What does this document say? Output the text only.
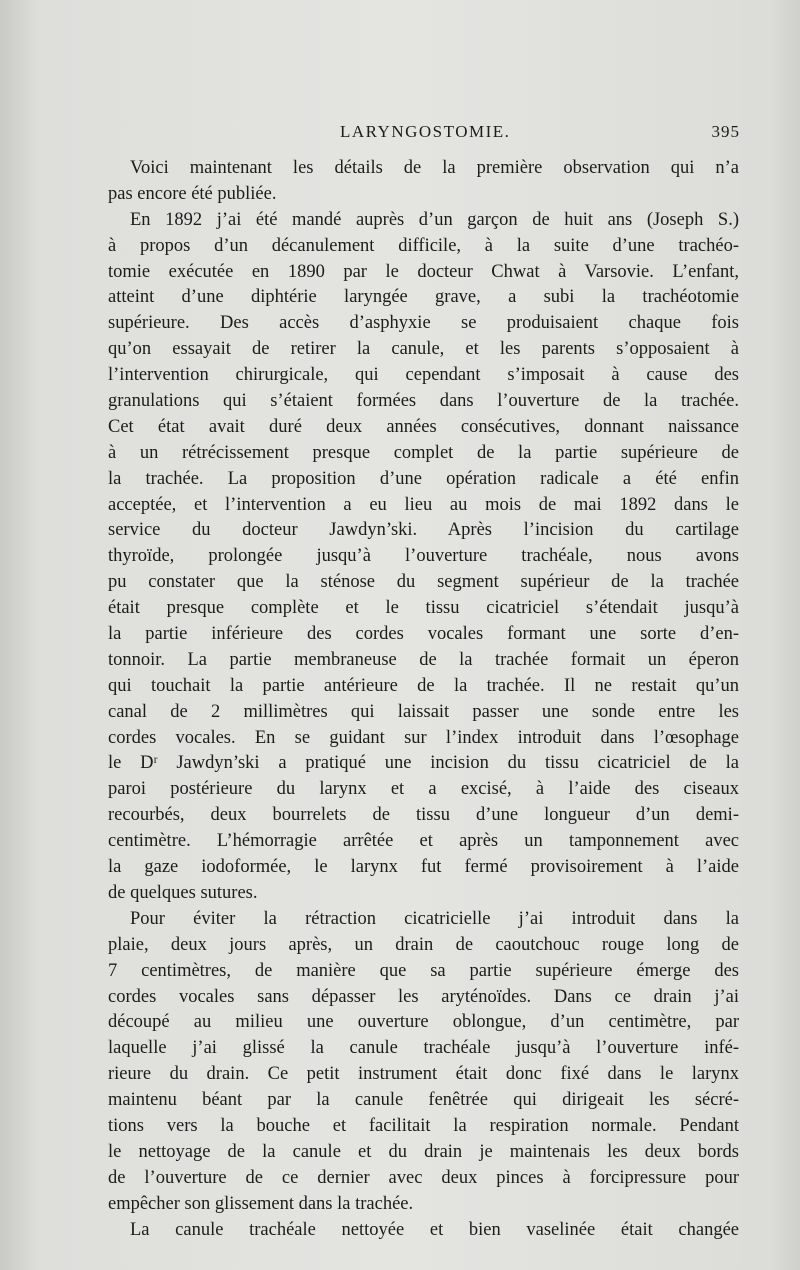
LARYNGOSTOMIE.	395
Voici maintenant les détails de la première observation qui n’a
pas encore été publiée.
En 1892 j’ai été mandé auprès d’un garçon de huit ans (Joseph S.)
à propos d’un décanulement difficile, à la suite d’une trachéo-
tomie exécutée en 1890 par le docteur Chwat à Varsovie. L’enfant,
atteint d’une diphtérie laryngée grave, a subi la trachéotomie
supérieure. Des accès d’asphyxie se produisaient chaque fois
qu’on essayait de retirer la canule, et les parents s’opposaient à
l’intervention chirurgicale, qui cependant s’imposait à cause des
granulations qui s’étaient formées dans l’ouverture de la trachée.
Cet état avait duré deux années consécutives, donnant naissance
à un rétrécissement presque complet de la partie supérieure de
la trachée. La proposition d’une opération radicale a été enfin
acceptée, et l’intervention a eu lieu au mois de mai 1892 dans le
service du docteur Jawdyn’ski. Après l’incision du cartilage
thyroïde, prolongée jusqu’à l’ouverture trachéale, nous avons
pu constater que la sténose du segment supérieur de la trachée
était presque complète et le tissu cicatriciel s’étendait jusqu’à
la partie inférieure des cordes vocales formant une sorte d’en-
tonnoir. La partie membraneuse de la trachée formait un éperon
qui touchait la partie antérieure de la trachée. Il ne restait qu’un
canal de 2 millimètres qui laissait passer une sonde entre les
cordes vocales. En se guidant sur l’index introduit dans l’œsophage
le Dʳ Jawdyn’ski a pratiqué une incision du tissu cicatriciel de la
paroi postérieure du larynx et a excisé, à l’aide des ciseaux
recourbés, deux bourrelets de tissu d’une longueur d’un demi-
centimètre. L’hémorragie arrêtée et après un tamponnement avec
la gaze iodoformée, le larynx fut fermé provisoirement à l’aide
de quelques sutures.
Pour éviter la rétraction cicatricielle j’ai introduit dans la
plaie, deux jours après, un drain de caoutchouc rouge long de
7 centimètres, de manière que sa partie supérieure émerge des
cordes vocales sans dépasser les aryténoïdes. Dans ce drain j’ai
découpé au milieu une ouverture oblongue, d’un centimètre, par
laquelle j’ai glissé la canule trachéale jusqu’à l’ouverture infé-
rieure du drain. Ce petit instrument était donc fixé dans le larynx
maintenu béant par la canule fenêtrée qui dirigeait les sécré-
tions vers la bouche et facilitait la respiration normale. Pendant
le nettoyage de la canule et du drain je maintenais les deux bords
de l’ouverture de ce dernier avec deux pinces à forcipressure pour
empêcher son glissement dans la trachée.
La canule trachéale nettoyée et bien vaselinée était changée
